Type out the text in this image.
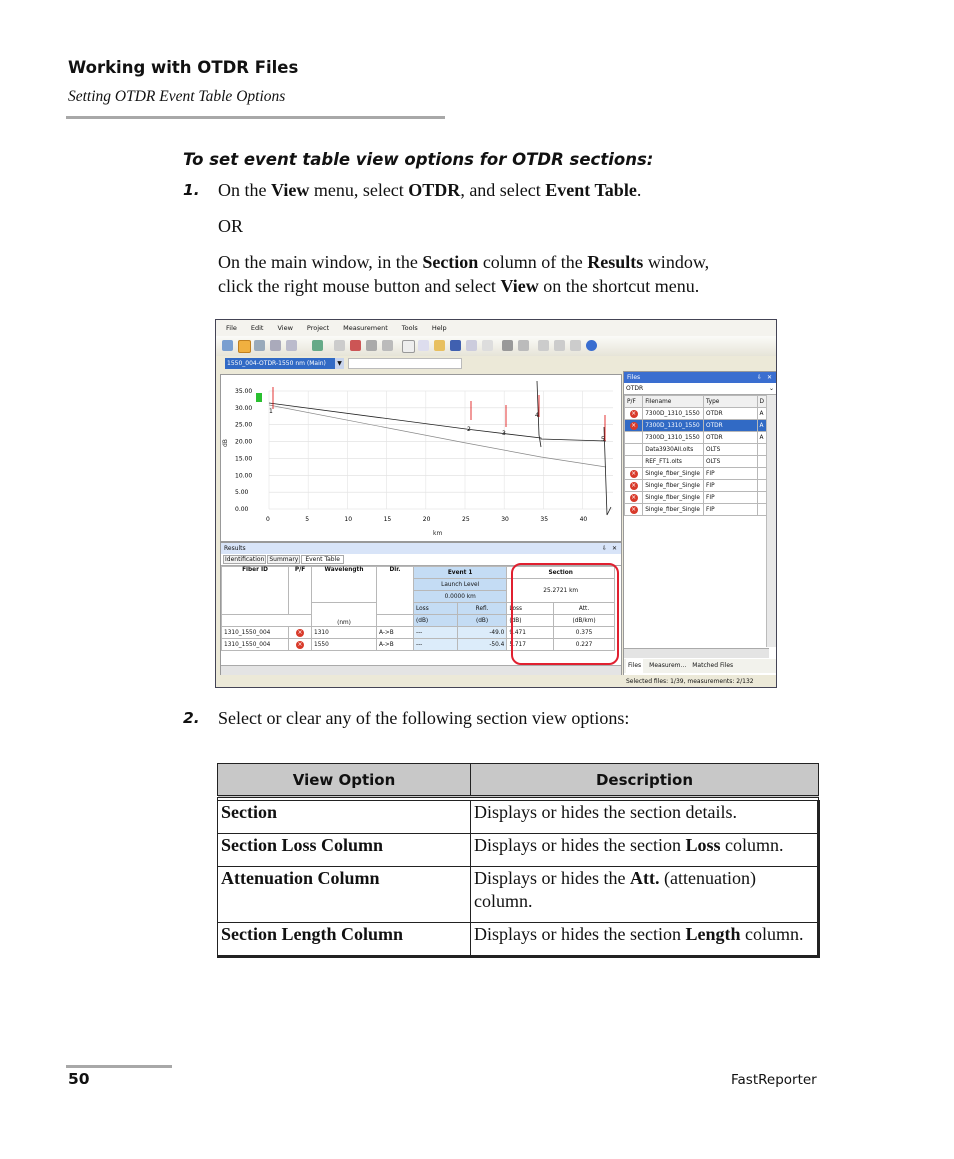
Working with OTDR Files
Setting OTDR Event Table Options
To set event table view options for OTDR sections:
1. On the View menu, select OTDR, and select Event Table.
OR
On the main window, in the Section column of the Results window,
click the right mouse button and select View on the shortcut menu.
File Edit View Project Measurement Tools Help
1550_004-OTDR-1550 nm (Main)	▼
35.00
30.00
25.00
20.00
15.00
10.00
5.00
0.00
0	5	10	15	20	25	30	35	40
dB
km
1
2
3
4
5
Results	⇩ ✕
Identification Summary	Event Table
Fiber ID	P/F	Wavelength	Dir.	Event 1		Section	
				Launch Level		25.2721 km	
				0.0000 km			
		(nm)		Loss	Refl.	Loss	Att.
				(dB)	(dB)	(dB)	(dB/km)
1310_1550_004	×	1310	A->B	---	-49.0	9.471	0.375
1310_1550_004	×	1550	A->B	---	-50.4	5.717	0.227
Files	⇩ ✕
OTDR	⌄
P/F	Filename	Type	D
×	7300D_1310_1550	OTDR	A
×	7300D_1310_1550	OTDR	A
	7300D_1310_1550	OTDR	A
	Data3930All.olts	OLTS	
	REF_FT1.olts	OLTS	
×	Single_fiber_Single	FIP	
×	Single_fiber_Single	FIP	
×	Single_fiber_Single	FIP	
×	Single_fiber_Single	FIP	
Files	Measurem... Matched Files
Selected files: 1/39, measurements: 2/132
2. Select or clear any of the following section view options:
View Option	Description

Section	Displays or hides the section details.
Section Loss Column	Displays or hides the section Loss column.
Attenuation Column	Displays or hides the Att. (attenuation) column.
Section Length Column	Displays or hides the section Length column.
50	FastReporter
